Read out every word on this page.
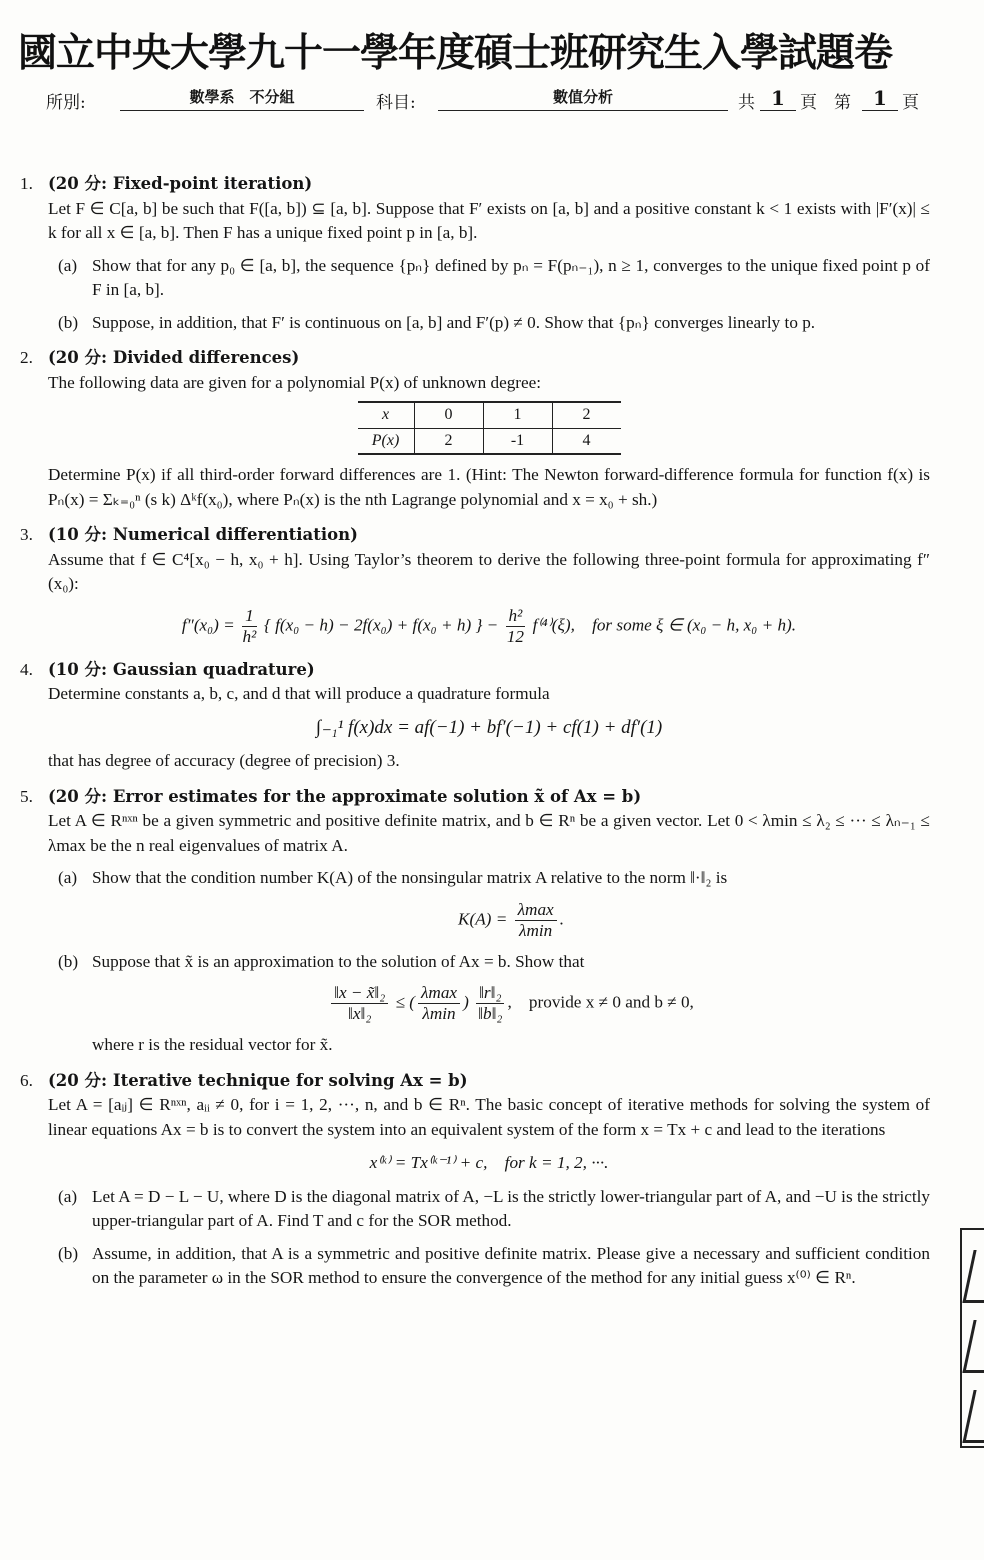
國立中央大學九十一學年度碩士班研究生入學試題卷
所別:	數學系　不分組	科目:	數值分析	共 1 頁　第	1 頁
1. (20 分: Fixed-point iteration)
Let F ∈ C[a, b] be such that F([a, b]) ⊆ [a, b]. Suppose that F′ exists on [a, b] and a positive constant k < 1 exists with |F′(x)| ≤ k for all x ∈ [a, b]. Then F has a unique fixed point p in [a, b].
(a) Show that for any p₀ ∈ [a, b], the sequence {pₙ} defined by pₙ = F(pₙ₋₁), n ≥ 1, converges to the unique fixed point p of F in [a, b].
(b) Suppose, in addition, that F′ is continuous on [a, b] and F′(p) ≠ 0. Show that {pₙ} converges linearly to p.
2. (20 分: Divided differences)
The following data are given for a polynomial P(x) of unknown degree:
x	0	1	2
P(x)	2	-1	4
Determine P(x) if all third-order forward differences are 1. (Hint: The Newton forward-difference formula for function f(x) is Pₙ(x) = Σₖ₌₀ⁿ (s k) Δᵏf(x₀), where Pₙ(x) is the nth Lagrange polynomial and x = x₀ + sh.)
3. (10 分: Numerical differentiation)
Assume that f ∈ C⁴[x₀ − h, x₀ + h]. Using Taylor’s theorem to derive the following three-point formula for approximating f″(x₀):
$f''(x_0) = \frac{1}{\text{h²}}$ { f(x₀ − h) − 2f(x₀) + f(x₀ + h) } − $\frac{\text{h²}}{12} f^{(4)}(\xi)$,　for some ξ ∈ (x₀ − h, x₀ + h).
4. (10 分: Gaussian quadrature)
Determine constants a, b, c, and d that will produce a quadrature formula
∫₋₁¹ f(x)dx = af(−1) + bf′(−1) + cf(1) + df′(1)
that has degree of accuracy (degree of precision) 3.
5. (20 分: Error estimates for the approximate solution x̃ of Ax = b)
Let A ∈ Rⁿˣⁿ be a given symmetric and positive definite matrix, and b ∈ Rⁿ be a given vector. Let 0 < λmin ≤ λ₂ ≤ ··· ≤ λₙ₋₁ ≤ λmax be the n real eigenvalues of matrix A.
(a) Show that the condition number K(A) of the nonsingular matrix A relative to the norm ‖·‖₂ is
$K(A) = \frac{\lambda\max}{\lambda\min}$ .
(b) Suppose that x̃ is an approximation to the solution of Ax = b. Show that
$\frac{\text{‖x − x̃‖₂}}{\text{‖x‖₂}}$ ≤ ( $\frac{\lambda\max}{\lambda\min}$ ) $\frac{\text{‖r‖₂}}{\text{‖b‖₂}}$ ,　provide x ≠ 0 and b ≠ 0,
where r is the residual vector for x̃.
6. (20 分: Iterative technique for solving Ax = b)
Let A = [aᵢⱼ] ∈ Rⁿˣⁿ, aᵢᵢ ≠ 0, for i = 1, 2, ···, n, and b ∈ Rⁿ. The basic concept of iterative methods for solving the system of linear equations Ax = b is to convert the system into an equivalent system of the form x = Tx + c and lead to the iterations
x⁽ᵏ⁾ = Tx⁽ᵏ⁻¹⁾ + c,　for k = 1, 2, ···.
(a) Let A = D − L − U, where D is the diagonal matrix of A, −L is the strictly lower-triangular part of A, and −U is the strictly upper-triangular part of A. Find T and c for the SOR method.
(b) Assume, in addition, that A is a symmetric and positive definite matrix. Please give a necessary and sufficient condition on the parameter ω in the SOR method to ensure the convergence of the method for any initial guess x⁽⁰⁾ ∈ Rⁿ.
